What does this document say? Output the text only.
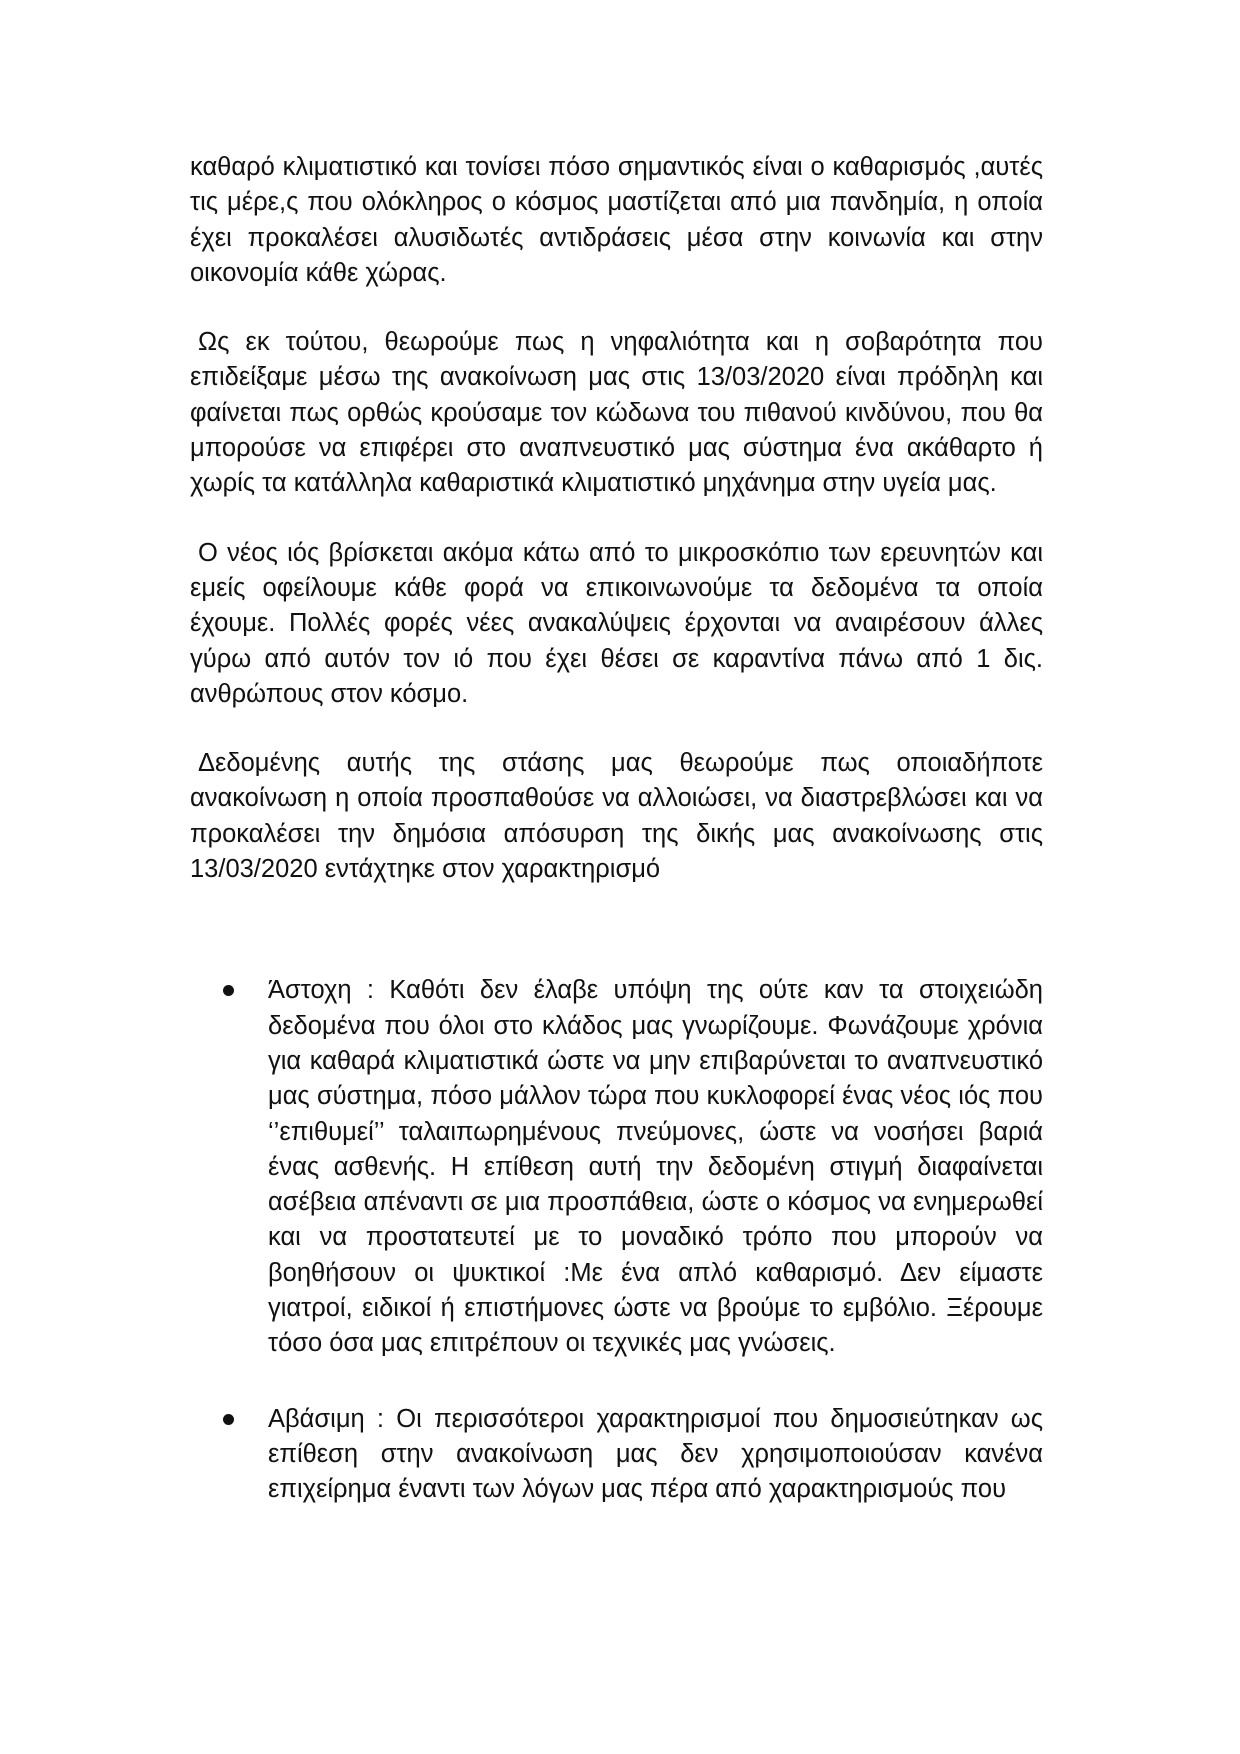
καθαρό κλιματιστικό και τονίσει πόσο σημαντικός είναι ο καθαρισμός ,αυτές τις μέρε,ς που ολόκληρος ο κόσμος μαστίζεται από μια πανδημία, η οποία έχει προκαλέσει αλυσιδωτές αντιδράσεις μέσα στην κοινωνία και στην οικονομία κάθε χώρας.

Ως εκ τούτου, θεωρούμε πως η νηφαλιότητα και η σοβαρότητα που επιδείξαμε μέσω της ανακοίνωση μας στις 13/03/2020 είναι πρόδηλη και φαίνεται πως ορθώς κρούσαμε τον κώδωνα του πιθανού κινδύνου, που θα μπορούσε να επιφέρει στο αναπνευστικό μας σύστημα ένα ακάθαρτο ή χωρίς τα κατάλληλα καθαριστικά κλιματιστικό μηχάνημα στην υγεία μας.

Ο νέος ιός βρίσκεται ακόμα κάτω από το μικροσκόπιο των ερευνητών και εμείς οφείλουμε κάθε φορά να επικοινωνούμε τα δεδομένα τα οποία έχουμε. Πολλές φορές νέες ανακαλύψεις έρχονται να αναιρέσουν άλλες γύρω από αυτόν τον ιό που έχει θέσει σε καραντίνα πάνω από 1 δις. ανθρώπους στον κόσμο.

Δεδομένης αυτής της στάσης μας θεωρούμε πως οποιαδήποτε ανακοίνωση η οποία προσπαθούσε να αλλοιώσει, να διαστρεβλώσει και να προκαλέσει την δημόσια απόσυρση της δικής μας ανακοίνωσης στις 13/03/2020 εντάχτηκε στον χαρακτηρισμό

Άστοχη : Καθότι δεν έλαβε υπόψη της ούτε καν τα στοιχειώδη δεδομένα που όλοι στο κλάδος μας γνωρίζουμε. Φωνάζουμε χρόνια για καθαρά κλιματιστικά ώστε να μην επιβαρύνεται το αναπνευστικό μας σύστημα, πόσο μάλλον τώρα που κυκλοφορεί ένας νέος ιός που ‘’επιθυμεί’’ ταλαιπωρημένους πνεύμονες, ώστε να νοσήσει βαριά ένας ασθενής. Η επίθεση αυτή την δεδομένη στιγμή διαφαίνεται ασέβεια απέναντι σε μια προσπάθεια, ώστε ο κόσμος να ενημερωθεί και να προστατευτεί με το μοναδικό τρόπο που μπορούν να βοηθήσουν οι ψυκτικοί :Με ένα απλό καθαρισμό. Δεν είμαστε γιατροί, ειδικοί ή επιστήμονες ώστε να βρούμε το εμβόλιο. Ξέρουμε τόσο όσα μας επιτρέπουν οι τεχνικές μας γνώσεις.
Αβάσιμη : Οι περισσότεροι χαρακτηρισμοί που δημοσιεύτηκαν ως επίθεση στην ανακοίνωση μας δεν χρησιμοποιούσαν κανένα επιχείρημα έναντι των λόγων μας πέρα από χαρακτηρισμούς που
